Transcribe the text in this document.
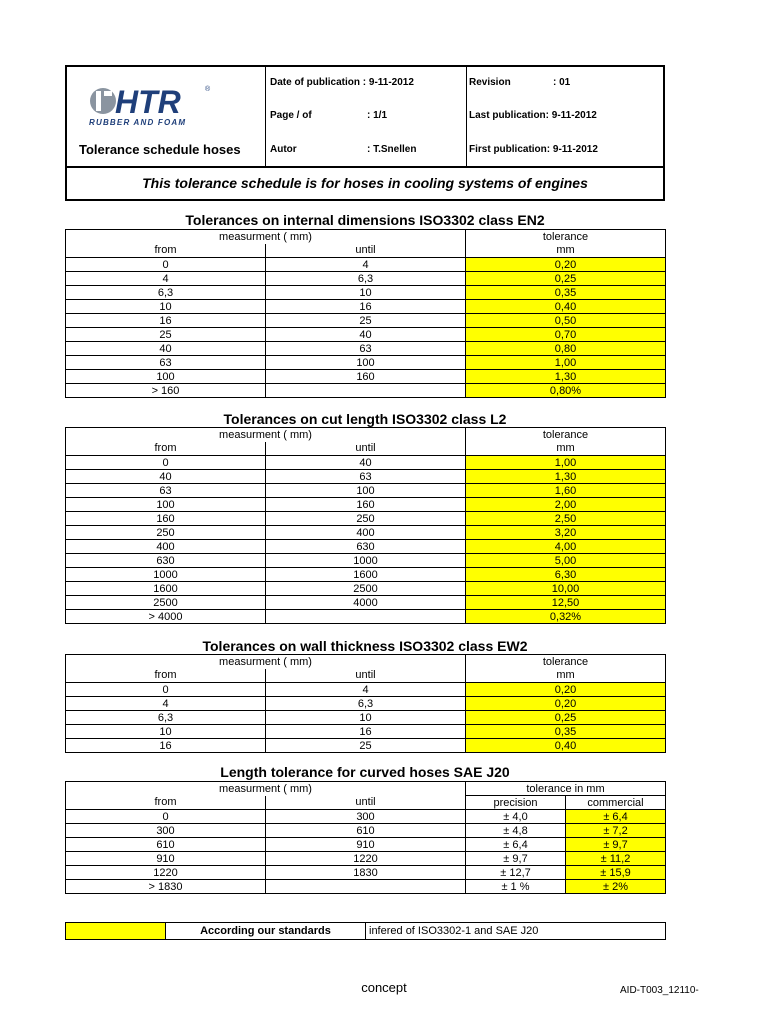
HTR	®
RUBBER AND FOAM
Tolerance schedule hoses
Date of publication : 9-11-2012
Page / of	: 1/1
Autor	: T.Snellen
Revision	: 01
Last publication: 9-11-2012
First publication: 9-11-2012
This tolerance schedule is for hoses in cooling systems of engines
Tolerances on internal dimensions ISO3302 class EN2
measurment ( mm)		tolerance
from	until	mm
0	4	0,20
4	6,3	0,25
6,3	10	0,35
10	16	0,40
16	25	0,50
25	40	0,70
40	63	0,80
63	100	1,00
100	160	1,30
> 160		0,80%
Tolerances on cut length ISO3302 class L2
measurment ( mm)		tolerance
from	until	mm
0	40	1,00
40	63	1,30
63	100	1,60
100	160	2,00
160	250	2,50
250	400	3,20
400	630	4,00
630	1000	5,00
1000	1600	6,30
1600	2500	10,00
2500	4000	12,50
> 4000		0,32%
Tolerances on wall thickness ISO3302 class EW2
measurment ( mm)		tolerance
from	until	mm
0	4	0,20
4	6,3	0,20
6,3	10	0,25
10	16	0,35
16	25	0,40
Length tolerance for curved hoses SAE J20
measurment ( mm)		tolerance in mm	
from	until	precision	commercial
0	300	± 4,0	± 6,4
300	610	± 4,8	± 7,2
610	910	± 6,4	± 9,7
910	1220	± 9,7	± 11,2
1220	1830	± 12,7	± 15,9
> 1830		± 1 %	± 2%
	According our standards	infered of ISO3302-1 and SAE J20
concept	AID-T003_12110-
